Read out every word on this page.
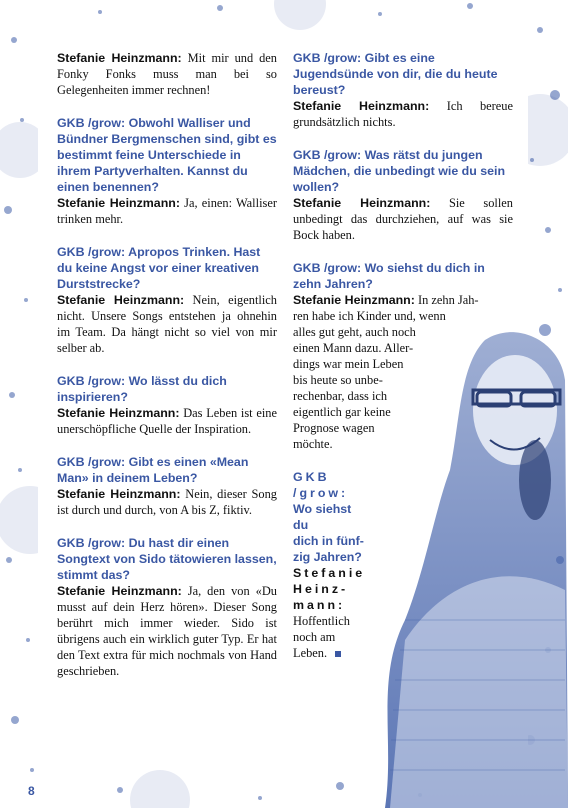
Stefanie Heinzmann: Mit mir und den Fonky Fonks muss man bei so Gelegenheiten immer rechnen!

GKB /grow: Obwohl Walliser und Bündner Bergmenschen sind, gibt es bestimmt feine Unterschiede in ihrem Partyverhalten. Kannst du einen benennen?

Stefanie Heinzmann: Ja, einen: Walliser trinken mehr.

GKB /grow: Apropos Trinken. Hast du keine Angst vor einer kreativen Durststrecke?

Stefanie Heinzmann: Nein, eigentlich nicht. Unsere Songs entstehen ja ohnehin im Team. Da hängt nicht so viel von mir selber ab.

GKB /grow: Wo lässt du dich inspirieren?

Stefanie Heinzmann: Das Leben ist eine unerschöpfliche Quelle der Inspiration.

GKB /grow: Gibt es einen «Mean Man» in deinem Leben?

Stefanie Heinzmann: Nein, dieser Song ist durch und durch, von A bis Z, fiktiv.

GKB /grow: Du hast dir einen Songtext von Sido tätowieren lassen, stimmt das?

Stefanie Heinzmann: Ja, den von «Du musst auf dein Herz hören». Dieser Song berührt mich immer wieder. Sido ist übrigens auch ein wirklich guter Typ. Er hat den Text extra für mich nochmals von Hand geschrieben.

GKB /grow: Gibt es eine Jugendsünde von dir, die du heute bereust?

Stefanie Heinzmann: Ich bereue grundsätzlich nichts.

GKB /grow: Was rätst du jungen Mädchen, die unbedingt wie du sein wollen?

Stefanie Heinzmann: Sie sollen unbedingt das durchziehen, auf was sie Bock haben.

GKB /grow: Wo siehst du dich in zehn Jahren?

Stefanie Heinzmann: In zehn Jah-
ren habe ich Kinder und, wenn
alles gut geht, auch noch
einen Mann dazu. Aller-
dings war mein Leben
bis heute so unbe-
rechenbar, dass ich
eigentlich gar keine
Prognose wagen
möchte.

GKB /grow:

Wo siehst du

dich in fünf-

zig Jahren?

Stefanie

Heinz-

mann:

Hoffentlich

noch am

Leben.

8
